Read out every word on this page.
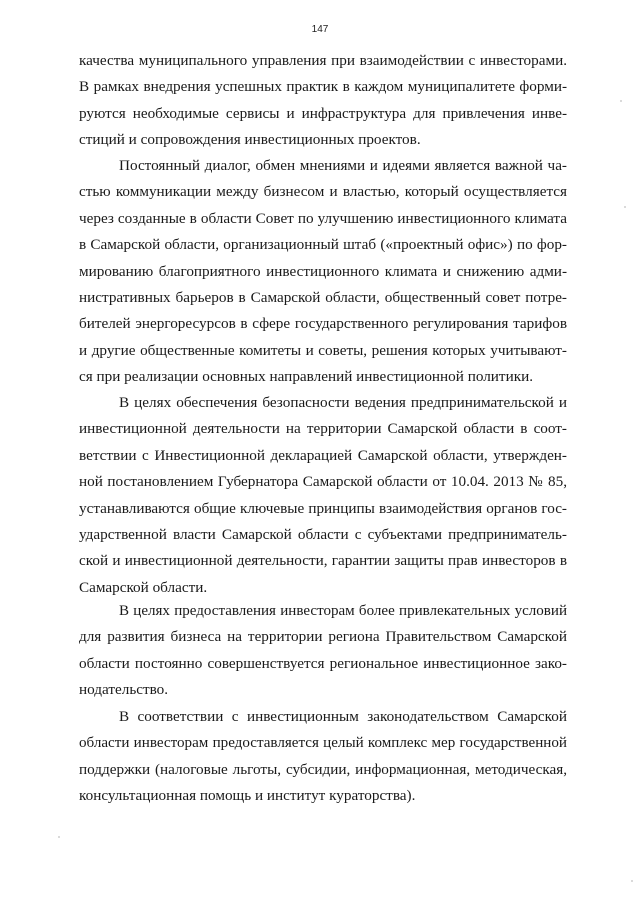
147

качества муниципального управления при взаимодействии с инвесторами.
В рамках внедрения успешных практик в каждом муниципалитете форми-
руются необходимые сервисы и инфраструктура для привлечения инве-
стиций и сопровождения инвестиционных проектов.

Постоянный диалог, обмен мнениями и идеями является важной ча-
стью коммуникации между бизнесом и властью, который осуществляется
через созданные в области Совет по улучшению инвестиционного климата
в Самарской области, организационный штаб («проектный офис») по фор-
мированию благоприятного инвестиционного климата и снижению адми-
нистративных барьеров в Самарской области, общественный совет потре-
бителей энергоресурсов в сфере государственного регулирования тарифов
и другие общественные комитеты и советы, решения которых учитывают-
ся при реализации основных направлений инвестиционной политики.

В целях обеспечения безопасности ведения предпринимательской и
инвестиционной деятельности на территории Самарской области в соот-
ветствии с Инвестиционной декларацией Самарской области, утвержден-
ной постановлением Губернатора Самарской области от 10.04. 2013 № 85,
устанавливаются общие ключевые принципы взаимодействия органов гос-
ударственной власти Самарской области с субъектами предприниматель-
ской и инвестиционной деятельности, гарантии защиты прав инвесторов в
Самарской области.

В целях предоставления инвесторам более привлекательных условий
для развития бизнеса на территории региона Правительством Самарской
области постоянно совершенствуется региональное инвестиционное зако-
нодательство.

В соответствии с инвестиционным законодательством Самарской
области инвесторам предоставляется целый комплекс мер государственной
поддержки (налоговые льготы, субсидии, информационная, методическая,
консультационная помощь и институт кураторства).
